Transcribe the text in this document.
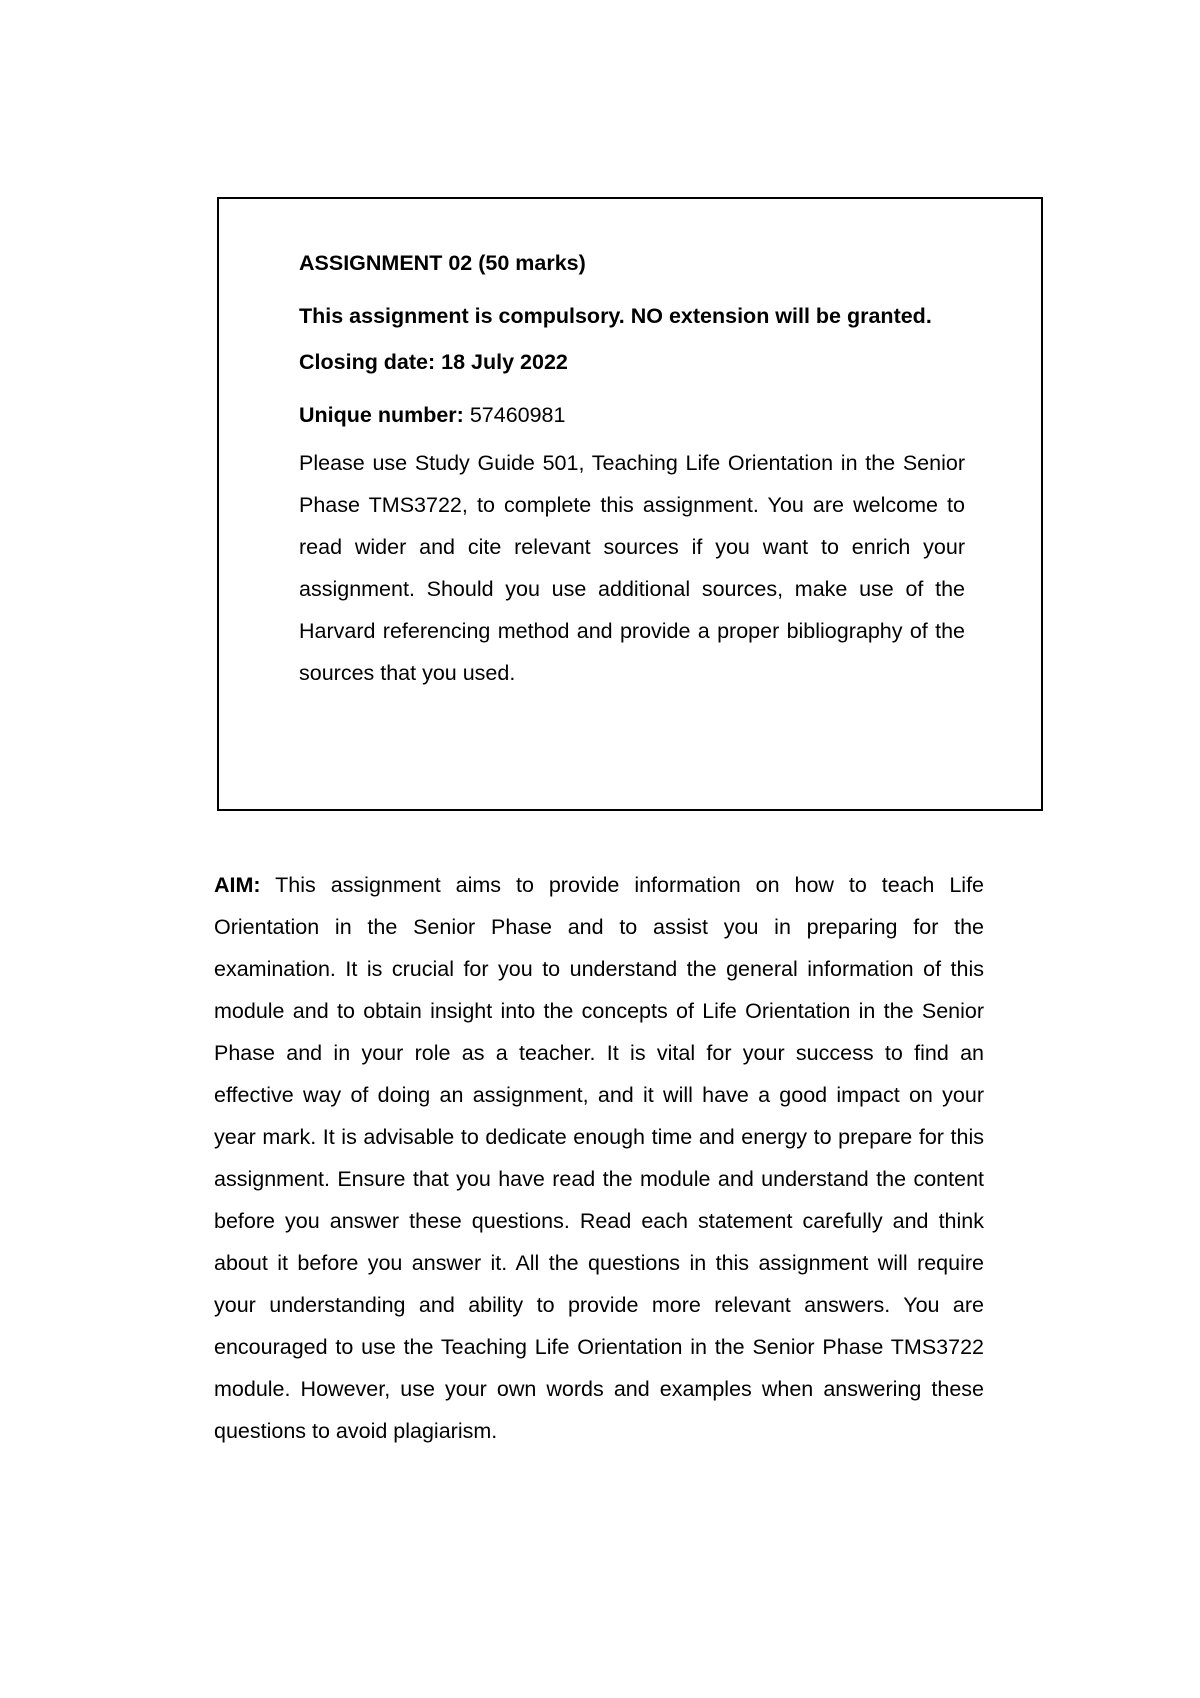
ASSIGNMENT 02 (50 marks)

This assignment is compulsory. NO extension will be granted.

Closing date: 18 July 2022

Unique number: 57460981

Please use Study Guide 501, Teaching Life Orientation in the Senior Phase TMS3722, to complete this assignment. You are welcome to read wider and cite relevant sources if you want to enrich your assignment. Should you use additional sources, make use of the Harvard referencing method and provide a proper bibliography of the sources that you used.

AIM: This assignment aims to provide information on how to teach Life Orientation in the Senior Phase and to assist you in preparing for the examination. It is crucial for you to understand the general information of this module and to obtain insight into the concepts of Life Orientation in the Senior Phase and in your role as a teacher. It is vital for your success to find an effective way of doing an assignment, and it will have a good impact on your year mark. It is advisable to dedicate enough time and energy to prepare for this assignment. Ensure that you have read the module and understand the content before you answer these questions. Read each statement carefully and think about it before you answer it. All the questions in this assignment will require your understanding and ability to provide more relevant answers. You are encouraged to use the Teaching Life Orientation in the Senior Phase TMS3722 module. However, use your own words and examples when answering these questions to avoid plagiarism.
